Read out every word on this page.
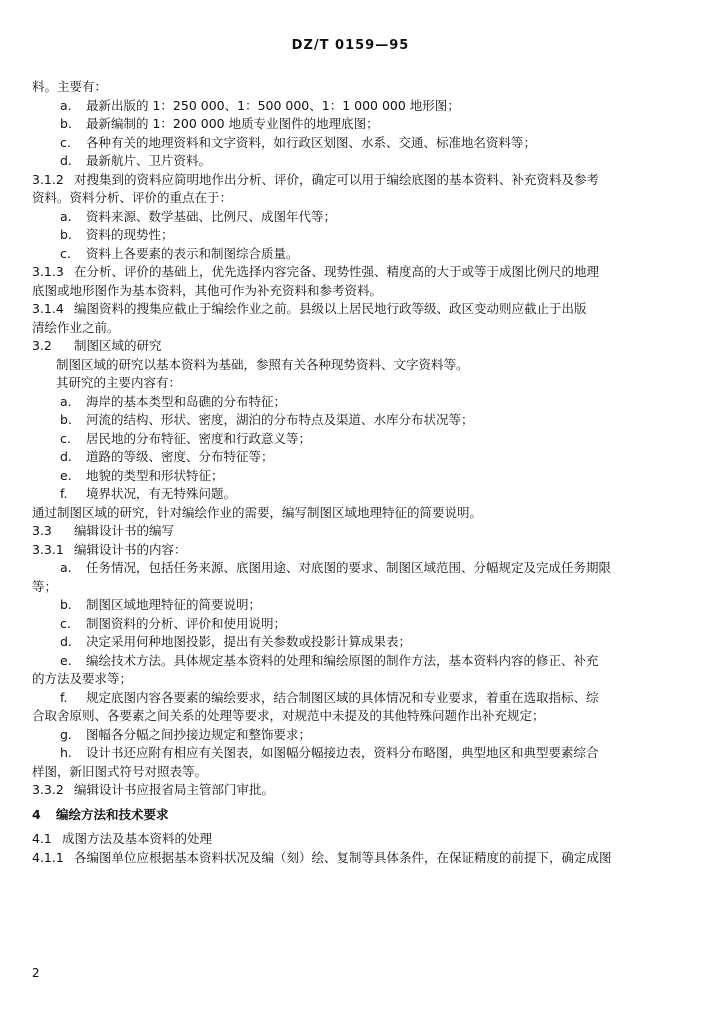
DZ/T 0159—95

料。主要有：

a. 最新出版的 1：250 000、1：500 000、1：1 000 000 地形图；

b. 最新编制的 1：200 000 地质专业图件的地理底图；

c. 各种有关的地理资料和文字资料，如行政区划图、水系、交通、标准地名资料等；

d. 最新航片、卫片资料。

3.1.2 对搜集到的资料应简明地作出分析、评价，确定可以用于编绘底图的基本资料、补充资料及参考

资料。资料分析、评价的重点在于：

a. 资料来源、数学基础、比例尺、成图年代等；

b. 资料的现势性；

c. 资料上各要素的表示和制图综合质量。

3.1.3 在分析、评价的基础上，优先选择内容完备、现势性强、精度高的大于或等于成图比例尺的地理

底图或地形图作为基本资料，其他可作为补充资料和参考资料。

3.1.4 编图资料的搜集应截止于编绘作业之前。县级以上居民地行政等级、政区变动则应截止于出版

清绘作业之前。

3.2 制图区域的研究

制图区域的研究以基本资料为基础，参照有关各种现势资料、文字资料等。

其研究的主要内容有：

a. 海岸的基本类型和岛礁的分布特征；

b. 河流的结构、形状、密度，湖泊的分布特点及渠道、水库分布状况等；

c. 居民地的分布特征、密度和行政意义等；

d. 道路的等级、密度、分布特征等；

e. 地貌的类型和形状特征；

f. 境界状况，有无特殊问题。

通过制图区域的研究，针对编绘作业的需要，编写制图区域地理特征的简要说明。

3.3 编辑设计书的编写

3.3.1 编辑设计书的内容：

a. 任务情况，包括任务来源、底图用途、对底图的要求、制图区域范围、分幅规定及完成任务期限

等；

b. 制图区域地理特征的简要说明；

c. 制图资料的分析、评价和使用说明；

d. 决定采用何种地图投影，提出有关参数或投影计算成果表；

e. 编绘技术方法。具体规定基本资料的处理和编绘原图的制作方法，基本资料内容的修正、补充

的方法及要求等；

f. 规定底图内容各要素的编绘要求，结合制图区域的具体情况和专业要求，着重在选取指标、综

合取舍原则、各要素之间关系的处理等要求，对规范中未提及的其他特殊问题作出补充规定；

g. 图幅各分幅之间抄接边规定和整饰要求；

h. 设计书还应附有相应有关图表，如图幅分幅接边表，资料分布略图，典型地区和典型要素综合

样图，新旧图式符号对照表等。

3.3.2 编辑设计书应报省局主管部门审批。

4 编绘方法和技术要求

4.1 成图方法及基本资料的处理

4.1.1 各编图单位应根据基本资料状况及编（刻）绘、复制等具体条件，在保证精度的前提下，确定成图

2
